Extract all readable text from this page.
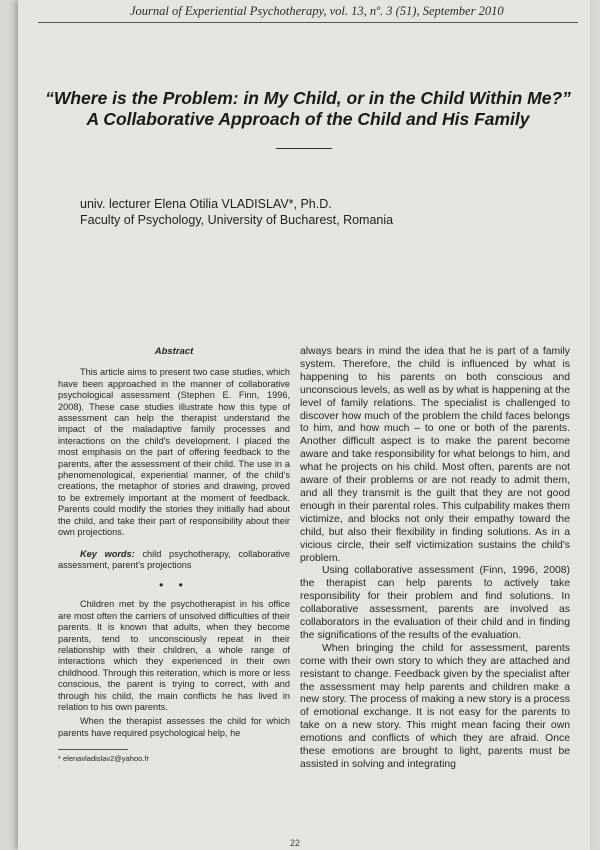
Journal of Experiential Psychotherapy, vol. 13, nº. 3 (51), September 2010
“Where is the Problem: in My Child, or in the Child Within Me?”
A Collaborative Approach of the Child and His Family
univ. lecturer Elena Otilia VLADISLAV*, Ph.D.
Faculty of Psychology, University of Bucharest, Romania
Abstract

This article aims to present two case studies, which have been approached in the manner of collaborative psychological assessment (Stephen E. Finn, 1996, 2008). These case studies illustrate how this type of assessment can help the therapist understand the impact of the maladaptive family processes and interactions on the child's development. I placed the most emphasis on the part of offering feedback to the parents, after the assessment of their child. The use in a phenomenological, experiential manner, of the child's creations, the metaphor of stories and drawing, proved to be extremely important at the moment of feedback. Parents could modify the stories they initially had about the child, and take their part of responsibility about their own projections.

Key words: child psychotherapy, collaborative assessment, parent's projections

• •

Children met by the psychotherapist in his office are most often the carriers of unsolved difficulties of their parents. It is known that adults, when they become parents, tend to unconsciously repeat in their relationship with their children, a whole range of interactions which they experienced in their own childhood. Through this reiteration, which is more or less conscious, the parent is trying to correct, with and through his child, the main conflicts he has lived in relation to his own parents.

When the therapist assesses the child for which parents have required psychological help, he

* elenavladislav2@yahoo.fr

always bears in mind the idea that he is part of a family system. Therefore, the child is influenced by what is happening to his parents on both conscious and unconscious levels, as well as by what is happening at the level of family relations. The specialist is challenged to discover how much of the problem the child faces belongs to him, and how much – to one or both of the parents. Another difficult aspect is to make the parent become aware and take responsibility for what belongs to him, and what he projects on his child. Most often, parents are not aware of their problems or are not ready to admit them, and all they transmit is the guilt that they are not good enough in their parental roles. This culpability makes them victimize, and blocks not only their empathy toward the child, but also their flexibility in finding solutions. As in a vicious circle, their self victimization sustains the child's problem.

Using collaborative assessment (Finn, 1996, 2008) the therapist can help parents to actively take responsibility for their problem and find solutions. In collaborative assessment, parents are involved as collaborators in the evaluation of their child and in finding the significations of the results of the evaluation.

When bringing the child for assessment, parents come with their own story to which they are attached and resistant to change. Feedback given by the specialist after the assessment may help parents and children make a new story. The process of making a new story is a process of emotional exchange. It is not easy for the parents to take on a new story. This might mean facing their own emotions and conflicts of which they are afraid. Once these emotions are brought to light, parents must be assisted in solving and integrating

22
